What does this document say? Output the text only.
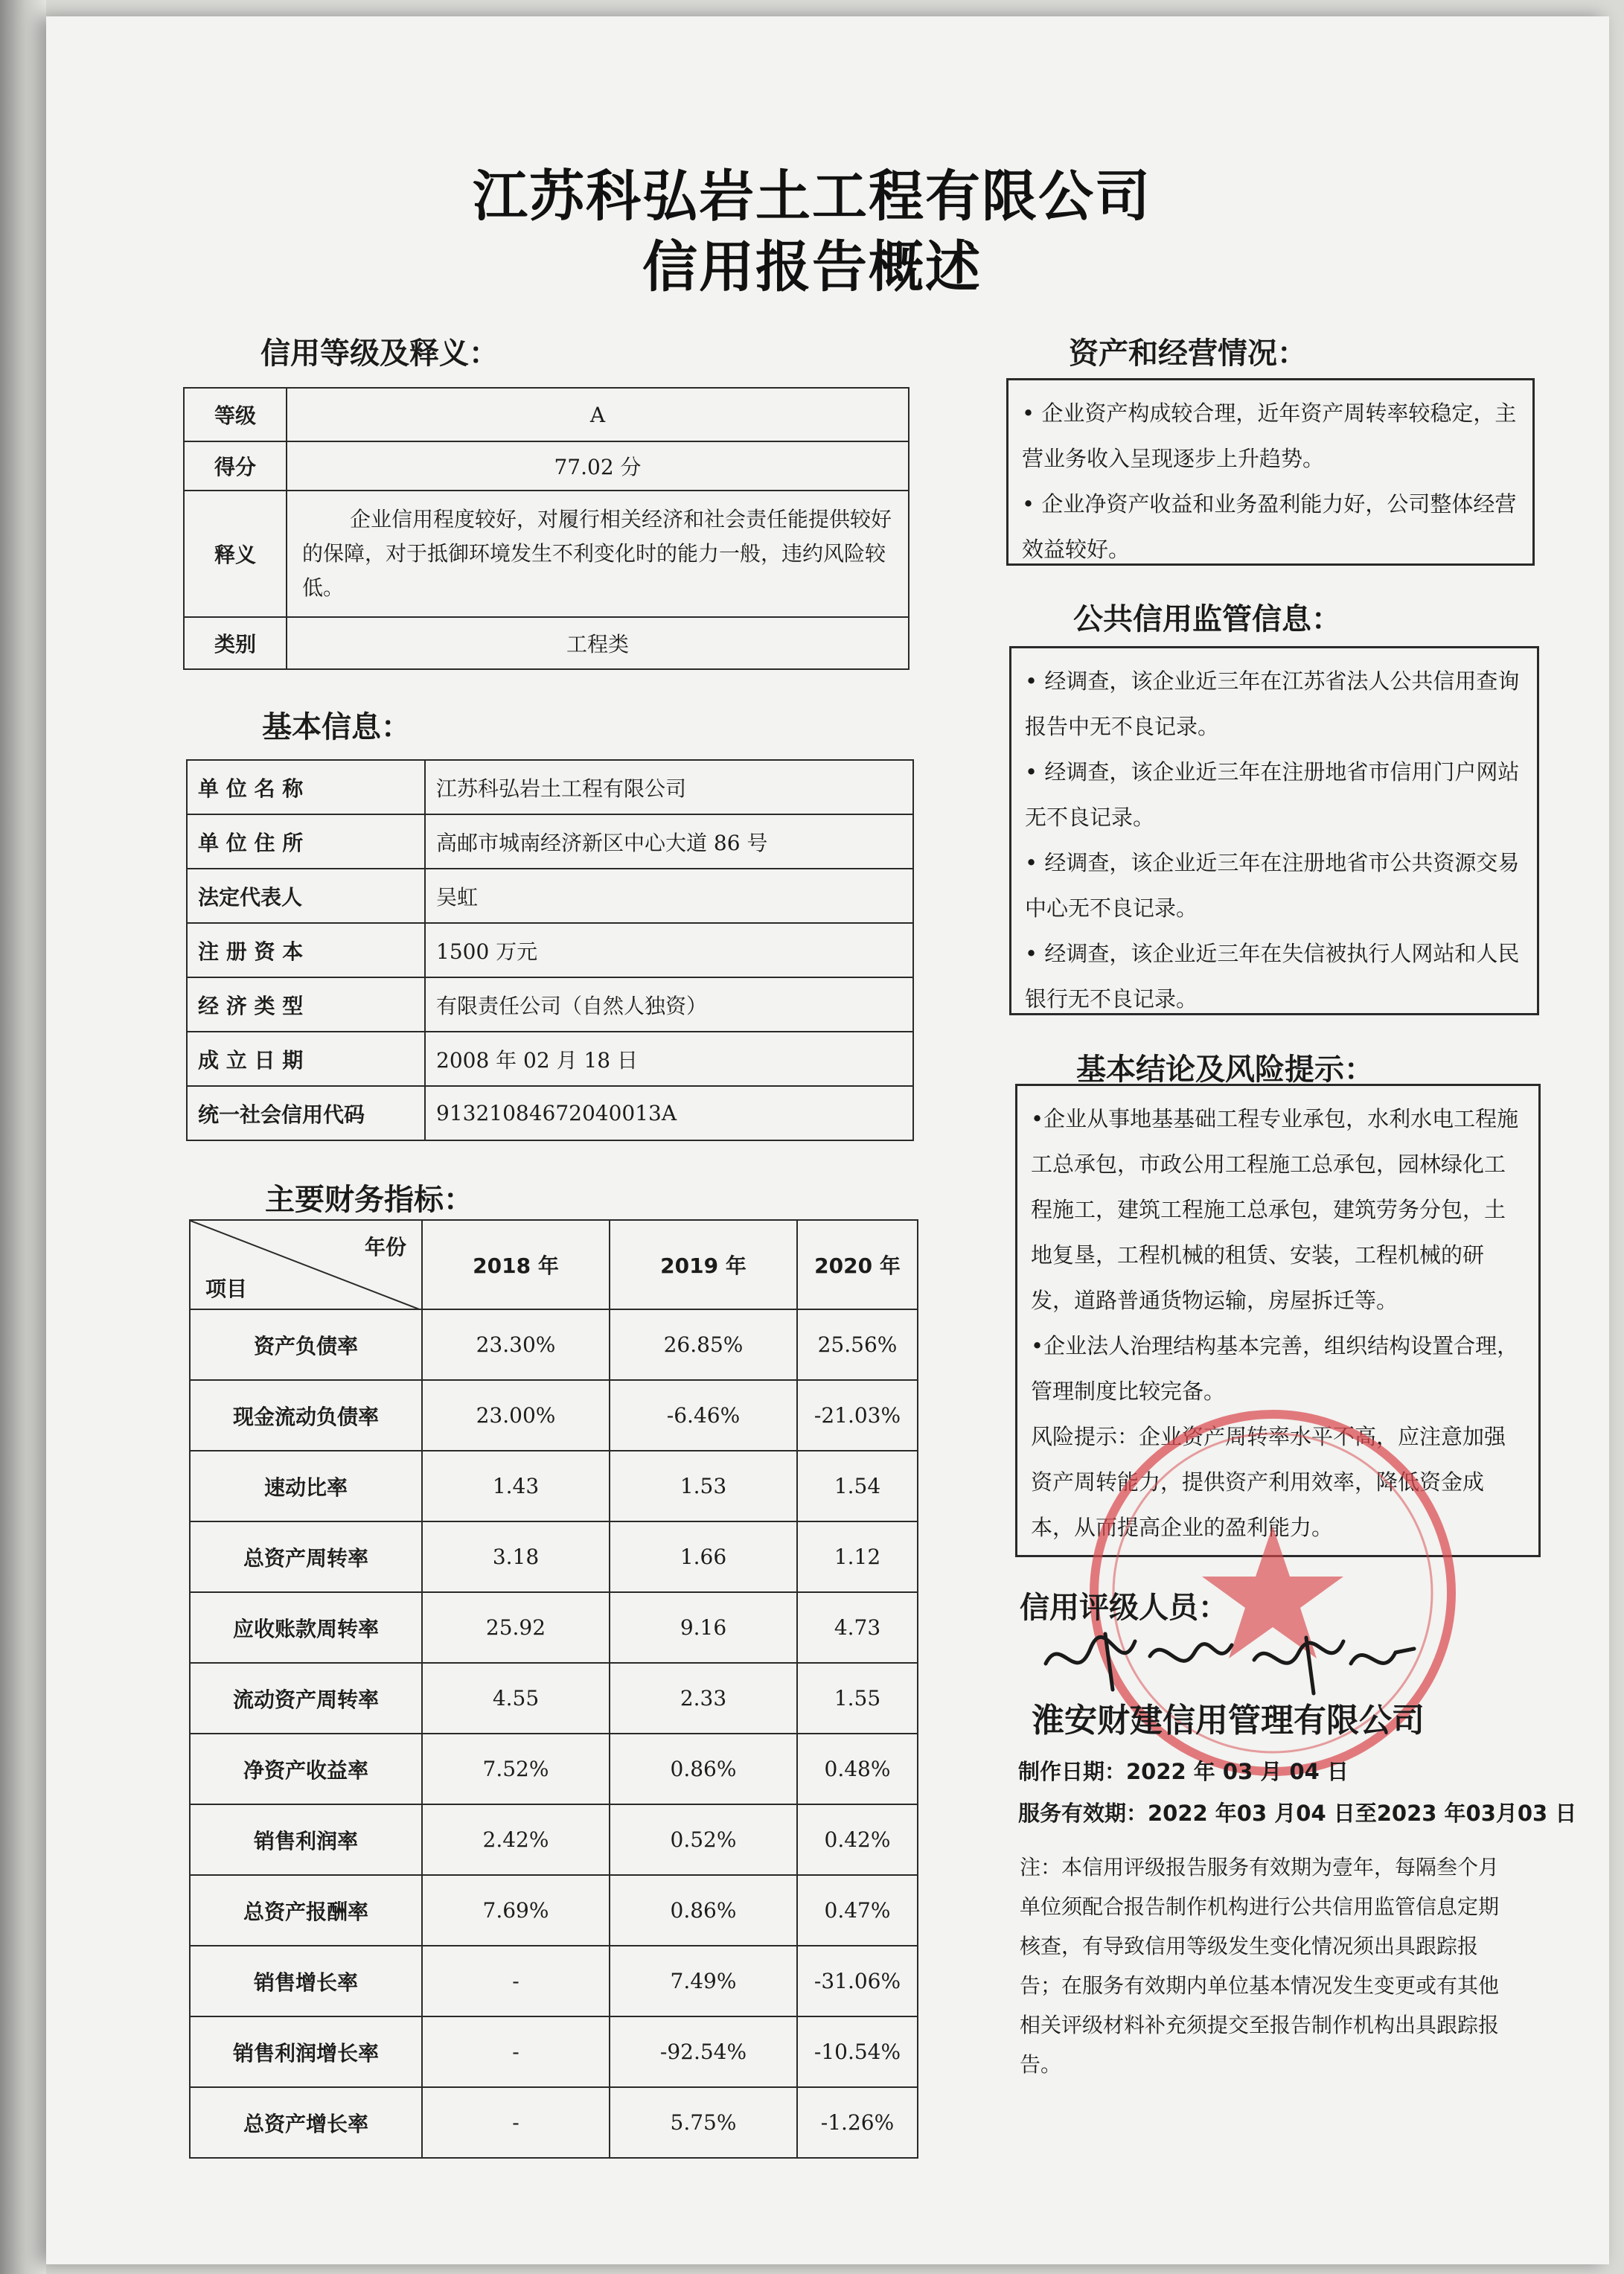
江苏科弘岩土工程有限公司
信用报告概述
信用等级及释义：
等级	A
得分	77.02 分
释义	企业信用程度较好，对履行相关经济和社会责任能提供较好的保障，对于抵御环境发生不利变化时的能力一般，违约风险较低。

类别	工程类
基本信息：
单 位 名 称	江苏科弘岩土工程有限公司
单 位 住 所	高邮市城南经济新区中心大道 86 号
法定代表人	吴虹
注 册 资 本	1500 万元
经 济 类 型	有限责任公司（自然人独资）
成 立 日 期	2008 年 02 月 18 日
统一社会信用代码	91321084672040013A
主要财务指标：
年份
项目	2018 年	2019 年	2020 年
资产负债率	23.30%	26.85%	25.56%
现金流动负债率	23.00%	-6.46%	-21.03%
速动比率	1.43	1.53	1.54
总资产周转率	3.18	1.66	1.12
应收账款周转率	25.92	9.16	4.73
流动资产周转率	4.55	2.33	1.55
净资产收益率	7.52%	0.86%	0.48%
销售利润率	2.42%	0.52%	0.42%
总资产报酬率	7.69%	0.86%	0.47%
销售增长率	-	7.49%	-31.06%
销售利润增长率	-	-92.54%	-10.54%
总资产增长率	-	5.75%	-1.26%
资产和经营情况：
• 企业资产构成较合理，近年资产周转率较稳定，主营业务收入呈现逐步上升趋势。
• 企业净资产收益和业务盈利能力好，公司整体经营效益较好。
公共信用监管信息：
• 经调查，该企业近三年在江苏省法人公共信用查询报告中无不良记录。
• 经调查，该企业近三年在注册地省市信用门户网站无不良记录。
• 经调查，该企业近三年在注册地省市公共资源交易中心无不良记录。
• 经调查，该企业近三年在失信被执行人网站和人民银行无不良记录。
基本结论及风险提示：
•企业从事地基基础工程专业承包，水利水电工程施工总承包，市政公用工程施工总承包，园林绿化工程施工，建筑工程施工总承包，建筑劳务分包，土地复垦，工程机械的租赁、安装，工程机械的研发，道路普通货物运输，房屋拆迁等。
•企业法人治理结构基本完善，组织结构设置合理，管理制度比较完备。
风险提示：企业资产周转率水平不高，应注意加强资产周转能力，提供资产利用效率，降低资金成本，从而提高企业的盈利能力。
信用评级人员：
淮安财建信用管理有限公司
制作日期：2022 年 03 月 04 日
服务有效期：2022 年03 月04 日至2023 年03月03 日
注：本信用评级报告服务有效期为壹年，每隔叁个月单位须配合报告制作机构进行公共信用监管信息定期核查，有导致信用等级发生变化情况须出具跟踪报告；在服务有效期内单位基本情况发生变更或有其他相关评级材料补充须提交至报告制作机构出具跟踪报告。
